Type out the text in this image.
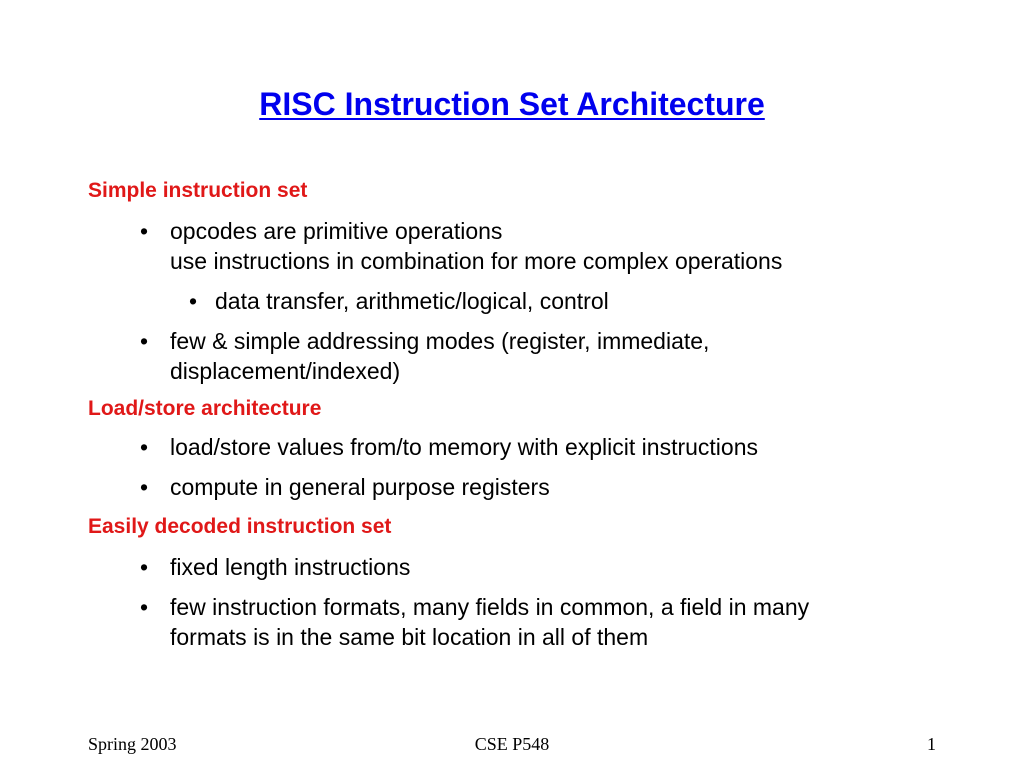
RISC Instruction Set Architecture
Simple instruction set
• opcodes are primitive operations
use instructions in combination for more complex operations
• data transfer, arithmetic/logical, control
• few & simple addressing modes (register, immediate,
displacement/indexed)
Load/store architecture
• load/store values from/to memory with explicit instructions
• compute in general purpose registers
Easily decoded instruction set
• fixed length instructions
• few instruction formats, many fields in common, a field in many
formats is in the same bit location in all of them
Spring 2003	CSE P548	1
